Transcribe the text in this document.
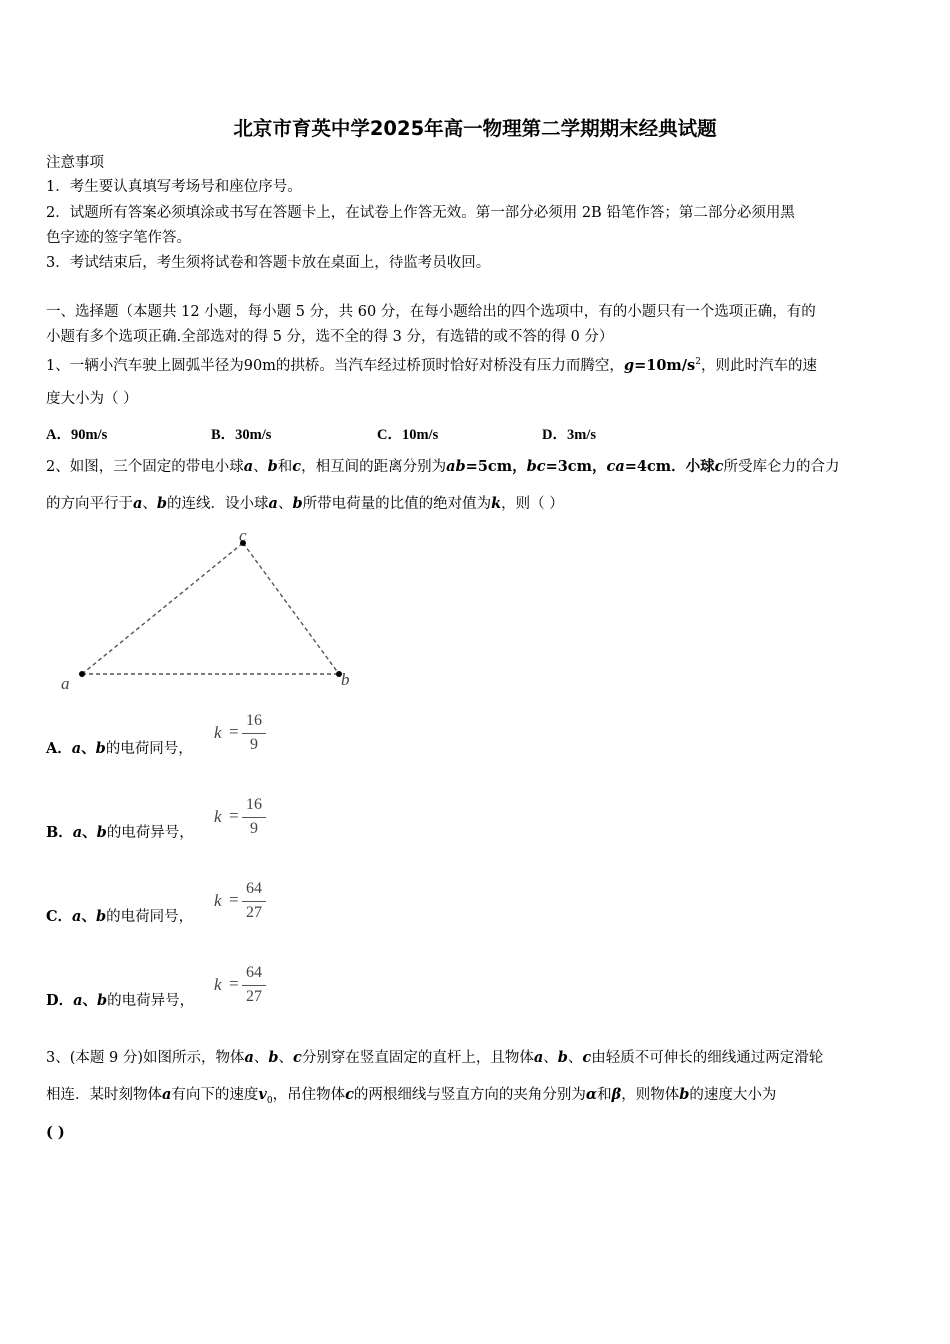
北京市育英中学2025年高一物理第二学期期末经典试题
注意事项
1．考生要认真填写考场号和座位序号。
2．试题所有答案必须填涂或书写在答题卡上，在试卷上作答无效。第一部分必须用 2B 铅笔作答；第二部分必须用黑
色字迹的签字笔作答。
3．考试结束后，考生须将试卷和答题卡放在桌面上，待监考员收回。
一、选择题（本题共 12 小题，每小题 5 分，共 60 分，在每小题给出的四个选项中，有的小题只有一个选项正确，有的
小题有多个选项正确.全部选对的得 5 分，选不全的得 3 分，有选错的或不答的得 0 分）
1、一辆小汽车驶上圆弧半径为90m的拱桥。当汽车经过桥顶时恰好对桥没有压力而腾空，$g=10m/s^2$，则此时汽车的速
度大小为（ ）
A．90m/s	B．30m/s	C．10m/s	D．3m/s
2、如图，三个固定的带电小球a、b和c，相互间的距离分别为ab=5cm，bc=3cm，ca=4cm．小球c所受库仑力的合力
的方向平行于a、b的连线．设小球a、b所带电荷量的比值的绝对值为k，则（ ）
a	b
c
A．a、b的电荷同号，
k =
16
9
B．a、b的电荷异号，
k =
16
9
C．a、b的电荷同号，
k =
64
27
D．a、b的电荷异号，
k =
64
27
3、(本题 9 分)如图所示，物体a、b、c分别穿在竖直固定的直杆上，且物体a、b、c由轻质不可伸长的细线通过两定滑轮
相连．某时刻物体a有向下的速度$v_0$，吊住物体c的两根细线与竖直方向的夹角分别为α和β，则物体b的速度大小为
( )
